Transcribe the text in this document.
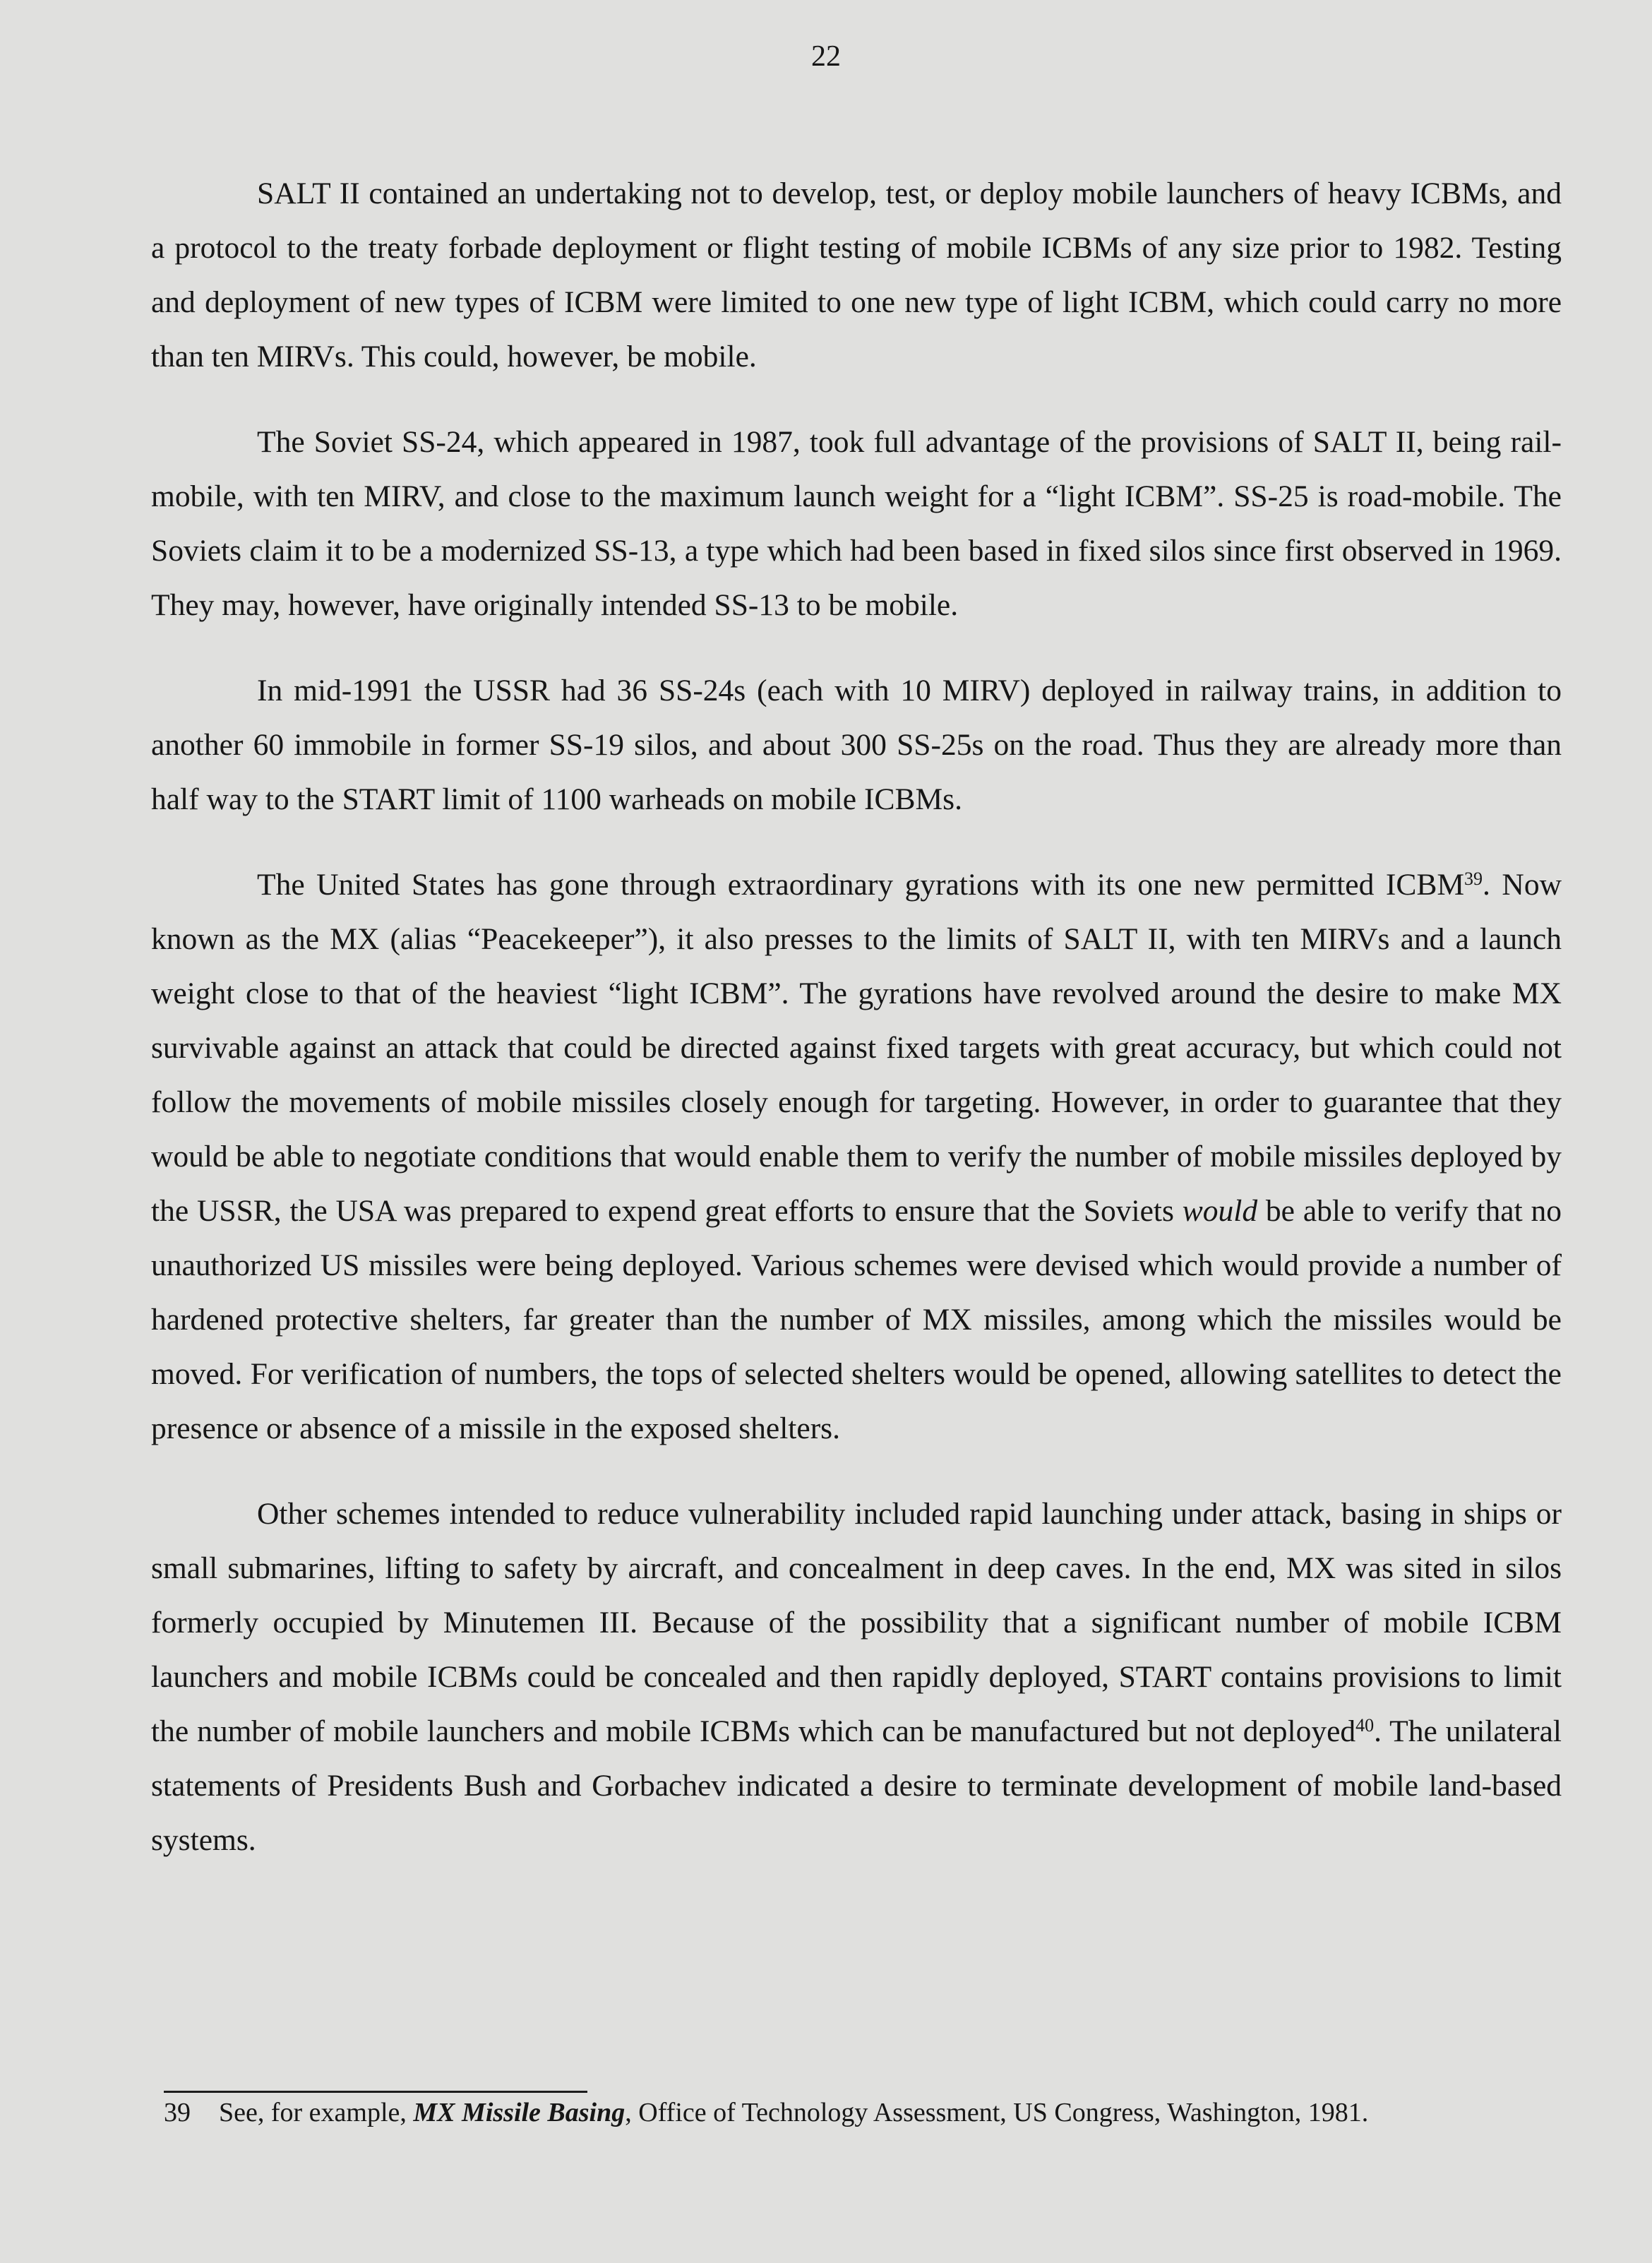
22

SALT II contained an undertaking not to develop, test, or deploy mobile launchers of heavy ICBMs, and a protocol to the treaty forbade deployment or flight testing of mobile ICBMs of any size prior to 1982. Testing and deployment of new types of ICBM were limited to one new type of light ICBM, which could carry no more than ten MIRVs. This could, however, be mobile.

The Soviet SS-24, which appeared in 1987, took full advantage of the provisions of SALT II, being rail-mobile, with ten MIRV, and close to the maximum launch weight for a “light ICBM”. SS-25 is road-mobile. The Soviets claim it to be a modernized SS-13, a type which had been based in fixed silos since first observed in 1969. They may, however, have originally intended SS-13 to be mobile.

In mid-1991 the USSR had 36 SS-24s (each with 10 MIRV) deployed in railway trains, in addition to another 60 immobile in former SS-19 silos, and about 300 SS-25s on the road. Thus they are already more than half way to the START limit of 1100 warheads on mobile ICBMs.

The United States has gone through extraordinary gyrations with its one new permitted ICBM$^{39}$. Now known as the MX (alias “Peacekeeper”), it also presses to the limits of SALT II, with ten MIRVs and a launch weight close to that of the heaviest “light ICBM”. The gyrations have revolved around the desire to make MX survivable against an attack that could be directed against fixed targets with great accuracy, but which could not follow the movements of mobile missiles closely enough for targeting. However, in order to guarantee that they would be able to negotiate conditions that would enable them to verify the number of mobile missiles deployed by the USSR, the USA was prepared to expend great efforts to ensure that the Soviets would be able to verify that no unauthorized US missiles were being deployed. Various schemes were devised which would provide a number of hardened protective shelters, far greater than the number of MX missiles, among which the missiles would be moved. For verification of numbers, the tops of selected shelters would be opened, allowing satellites to detect the presence or absence of a missile in the exposed shelters.

Other schemes intended to reduce vulnerability included rapid launching under attack, basing in ships or small submarines, lifting to safety by aircraft, and concealment in deep caves. In the end, MX was sited in silos formerly occupied by Minutemen III. Because of the possibility that a significant number of mobile ICBM launchers and mobile ICBMs could be concealed and then rapidly deployed, START contains provisions to limit the number of mobile launchers and mobile ICBMs which can be manufactured but not deployed$^{40}$. The unilateral statements of Presidents Bush and Gorbachev indicated a desire to terminate development of mobile land-based systems.

39 See, for example, MX Missile Basing, Office of Technology Assessment, US Congress, Washington, 1981.
